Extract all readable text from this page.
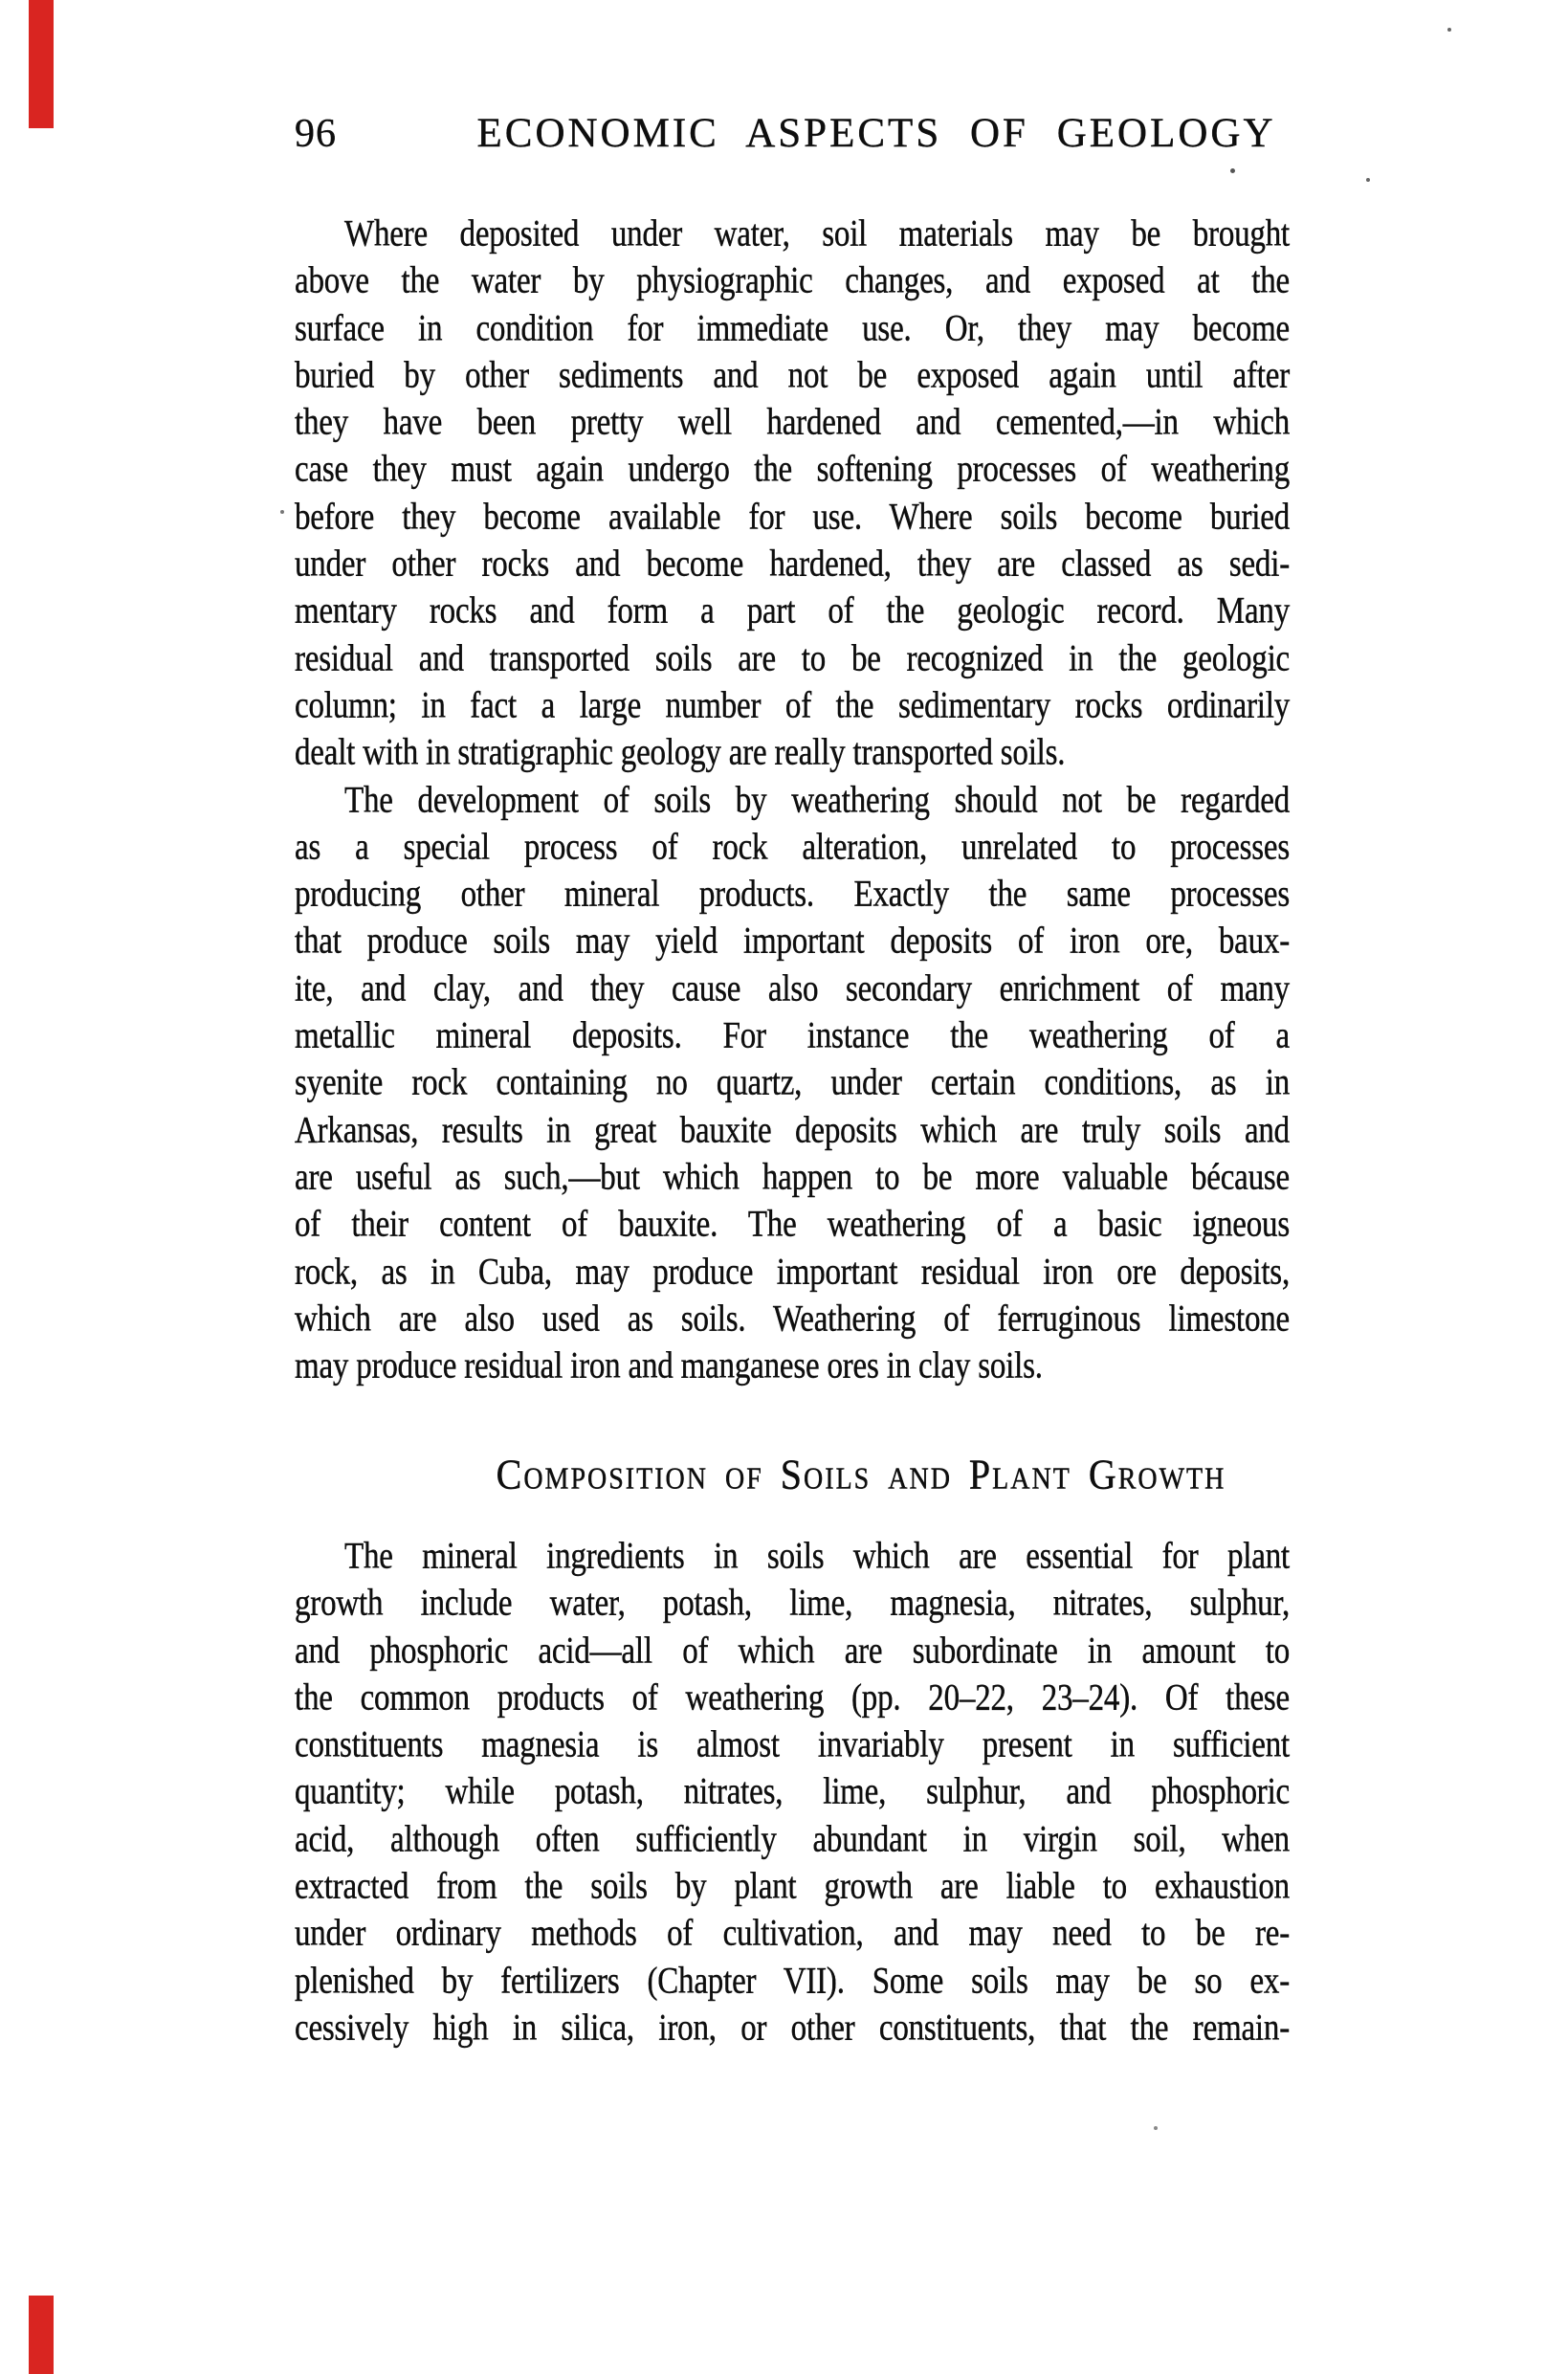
96	ECONOMIC ASPECTS OF GEOLOGY
Where deposited under water, soil materials may be brought
above the water by physiographic changes, and exposed at the
surface in condition for immediate use. Or, they may become
buried by other sediments and not be exposed again until after
they have been pretty well hardened and cemented,—in which
case they must again undergo the softening processes of weathering
before they become available for use. Where soils become buried
under other rocks and become hardened, they are classed as sedi-
mentary rocks and form a part of the geologic record. Many
residual and transported soils are to be recognized in the geologic
column; in fact a large number of the sedimentary rocks ordinarily
dealt with in stratigraphic geology are really transported soils.
The development of soils by weathering should not be regarded
as a special process of rock alteration, unrelated to processes
producing other mineral products. Exactly the same processes
that produce soils may yield important deposits of iron ore, baux-
ite, and clay, and they cause also secondary enrichment of many
metallic mineral deposits. For instance the weathering of a
syenite rock containing no quartz, under certain conditions, as in
Arkansas, results in great bauxite deposits which are truly soils and
are useful as such,—but which happen to be more valuable bécause
of their content of bauxite. The weathering of a basic igneous
rock, as in Cuba, may produce important residual iron ore deposits,
which are also used as soils. Weathering of ferruginous limestone
may produce residual iron and manganese ores in clay soils.
Composition of Soils and Plant Growth
The mineral ingredients in soils which are essential for plant
growth include water, potash, lime, magnesia, nitrates, sulphur,
and phosphoric acid—all of which are subordinate in amount to
the common products of weathering (pp. 20–22, 23–24). Of these
constituents magnesia is almost invariably present in sufficient
quantity; while potash, nitrates, lime, sulphur, and phosphoric
acid, although often sufficiently abundant in virgin soil, when
extracted from the soils by plant growth are liable to exhaustion
under ordinary methods of cultivation, and may need to be re-
plenished by fertilizers (Chapter VII). Some soils may be so ex-
cessively high in silica, iron, or other constituents, that the remain-
